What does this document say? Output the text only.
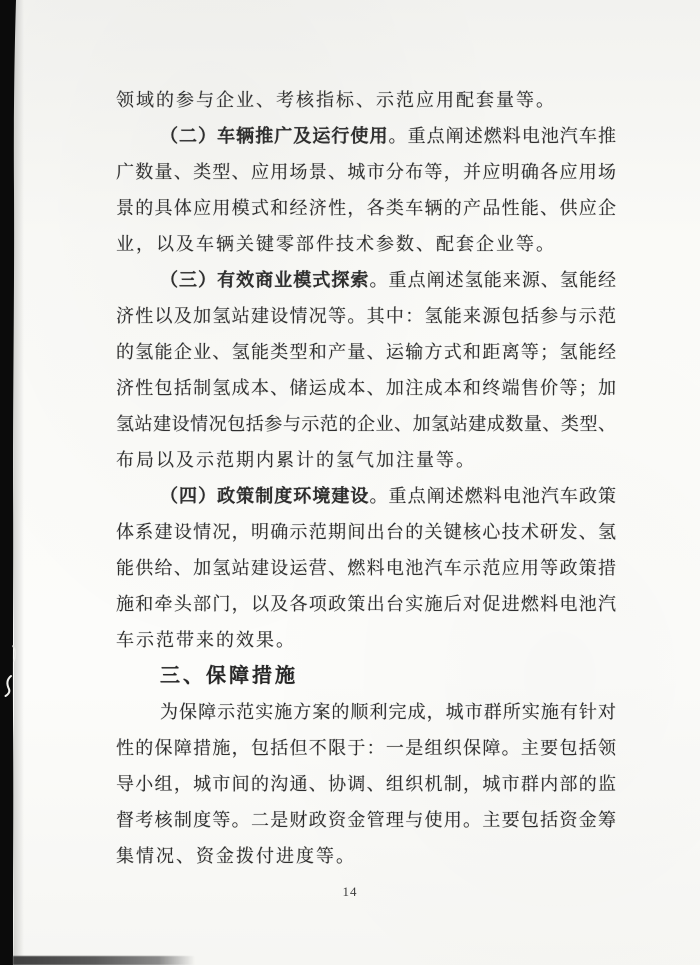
领域的参与企业、考核指标、示范应用配套量等。
（二）车辆推广及运行使用。重点阐述燃料电池汽车推
广数量、类型、应用场景、城市分布等，并应明确各应用场
景的具体应用模式和经济性，各类车辆的产品性能、供应企
业，以及车辆关键零部件技术参数、配套企业等。
（三）有效商业模式探索。重点阐述氢能来源、氢能经
济性以及加氢站建设情况等。其中：氢能来源包括参与示范
的氢能企业、氢能类型和产量、运输方式和距离等；氢能经
济性包括制氢成本、储运成本、加注成本和终端售价等；加
氢站建设情况包括参与示范的企业、加氢站建成数量、类型、
布局以及示范期内累计的氢气加注量等。
（四）政策制度环境建设。重点阐述燃料电池汽车政策
体系建设情况，明确示范期间出台的关键核心技术研发、氢
能供给、加氢站建设运营、燃料电池汽车示范应用等政策措
施和牵头部门，以及各项政策出台实施后对促进燃料电池汽
车示范带来的效果。
三、保障措施
为保障示范实施方案的顺利完成，城市群所实施有针对
性的保障措施，包括但不限于：一是组织保障。主要包括领
导小组，城市间的沟通、协调、组织机制，城市群内部的监
督考核制度等。二是财政资金管理与使用。主要包括资金筹
集情况、资金拨付进度等。
14
